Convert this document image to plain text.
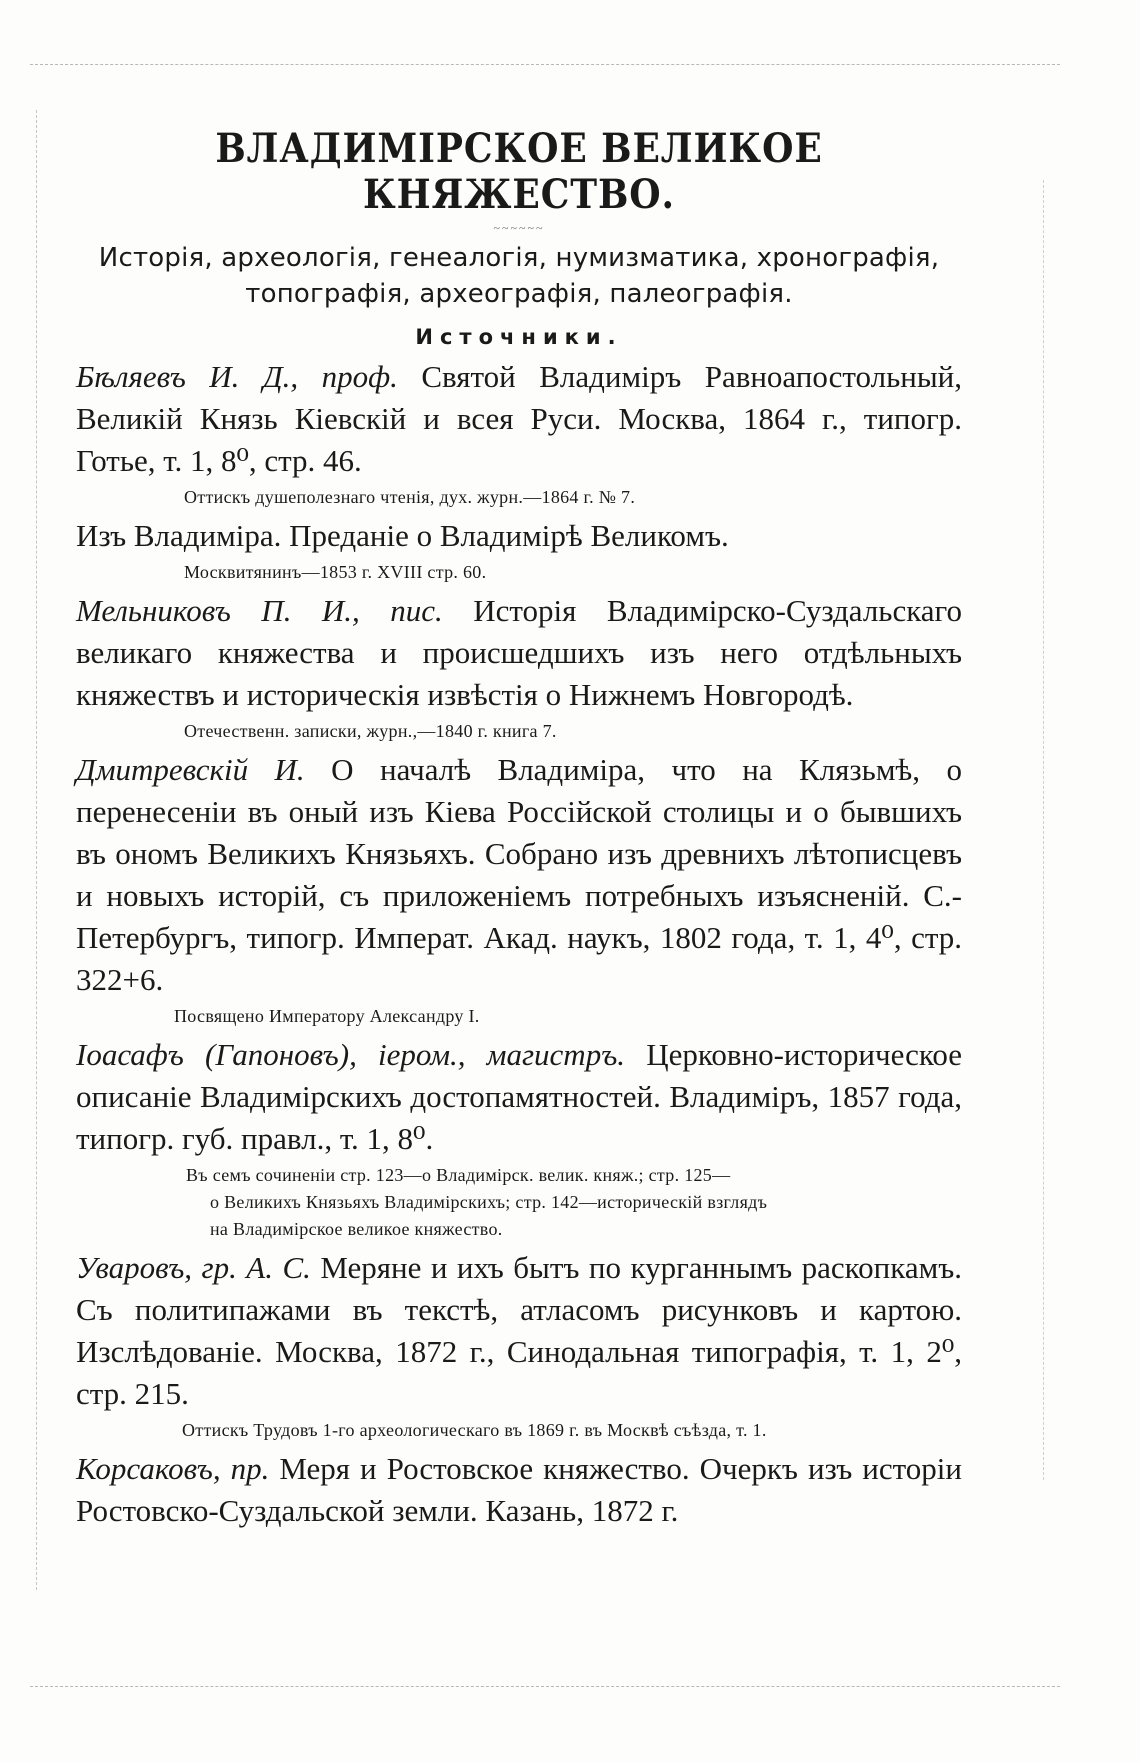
ВЛАДИМIРСКОЕ ВЕЛИКОЕ КНЯЖЕСТВО.
~~~~~~

Исторiя, археологiя, генеалогiя, нумизматика, хронографiя, топографiя, археографiя, палеографiя.

Источники.

Бѣляевъ И. Д., проф. Святой Владимiръ Равноапостольный, Великiй Князь Кiевскiй и всея Руси. Москва, 1864 г., типогр. Готье, т. 1, 8⁰, стр. 46.

Оттискъ душеполезнаго чтенiя, дух. журн.—1864 г. № 7.

Изъ Владимiра. Преданiе о Владимiрѣ Великомъ.

Москвитянинъ—1853 г. XVIII стр. 60.

Мельниковъ П. И., пис. Исторiя Владимiрско-Суздальскаго великаго княжества и происшедшихъ изъ него отдѣльныхъ княжествъ и историческiя извѣстiя о Нижнемъ Новгородѣ.

Отечественн. записки, журн.,—1840 г. книга 7.

Дмитревскiй И. О началѣ Владимiра, что на Клязьмѣ, о перенесенiи въ оный изъ Кiева Россiйской столицы и о бывшихъ въ ономъ Великихъ Князьяхъ. Собрано изъ древнихъ лѣтописцевъ и новыхъ исторiй, съ приложенiемъ потребныхъ изъясненiй. С.-Петербургъ, типогр. Императ. Акад. наукъ, 1802 года, т. 1, 4⁰, стр. 322+6.

Посвящено Императору Александру I.

Iоасафъ (Гапоновъ), iером., магистръ. Церковно-историческое описанiе Владимiрскихъ достопамятностей. Владимiръ, 1857 года, типогр. губ. правл., т. 1, 8⁰.

Въ семъ сочиненiи стр. 123—о Владимiрск. велик. княж.; стр. 125—
о Великихъ Князьяхъ Владимiрскихъ; стр. 142—историческiй взглядъ
на Владимiрское великое княжество.

Уваровъ, гр. А. С. Меряне и ихъ бытъ по курганнымъ раскопкамъ. Съ политипажами въ текстѣ, атласомъ рисунковъ и картою. Изслѣдованiе. Москва, 1872 г., Синодальная типографiя, т. 1, 2⁰, стр. 215.

Оттискъ Трудовъ 1-го археологическаго въ 1869 г. въ Москвѣ съѣзда, т. 1.

Корсаковъ, пр. Меря и Ростовское княжество. Очеркъ изъ исторiи Ростовско-Суздальской земли. Казань, 1872 г.
